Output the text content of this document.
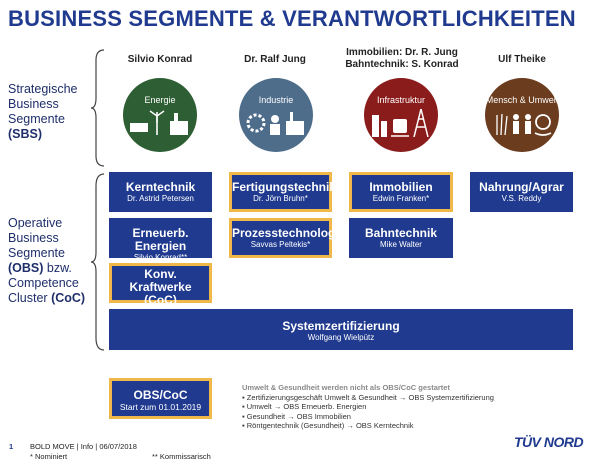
BUSINESS SEGMENTE & VERANTWORTLICHKEITEN
Strategische
Business
Segmente
(SBS)
Operative
Business
Segmente
(OBS) bzw.
Competence
Cluster (CoC)
Silvio Konrad
Energie
Dr. Ralf Jung
Industrie
Immobilien: Dr. R. Jung
Bahntechnik: S. Konrad
Infrastruktur
Ulf Theike
Mensch & Umwelt
Kerntechnik
Dr. Astrid Petersen
Fertigungstechnik
Dr. Jörn Bruhn*
Immobilien
Edwin Franken*
Nahrung/Agrar
V.S. Reddy
Erneuerb. Energien
Silvio Konrad**
Prozesstechnologie
Savvas Peltekis*
Bahntechnik
Mike Walter
Konv. Kraftwerke
(CoC)
Systemzertifizierung
Wolfgang Wielpütz
OBS/CoC
Start zum 01.01.2019
Umwelt & Gesundheit werden nicht als OBS/CoC gestartet
▪ Zertifizierungsgeschäft Umwelt & Gesundheit → OBS Systemzertifizierung
▪ Umwelt → OBS Erneuerb. Energien
▪ Gesundheit → OBS Immobilien
▪ Röntgentechnik (Gesundheit) → OBS Kerntechnik
1 BOLD MOVE | Info | 06/07/2018
* Nominiert	** Kommissarisch
TÜV NORD
